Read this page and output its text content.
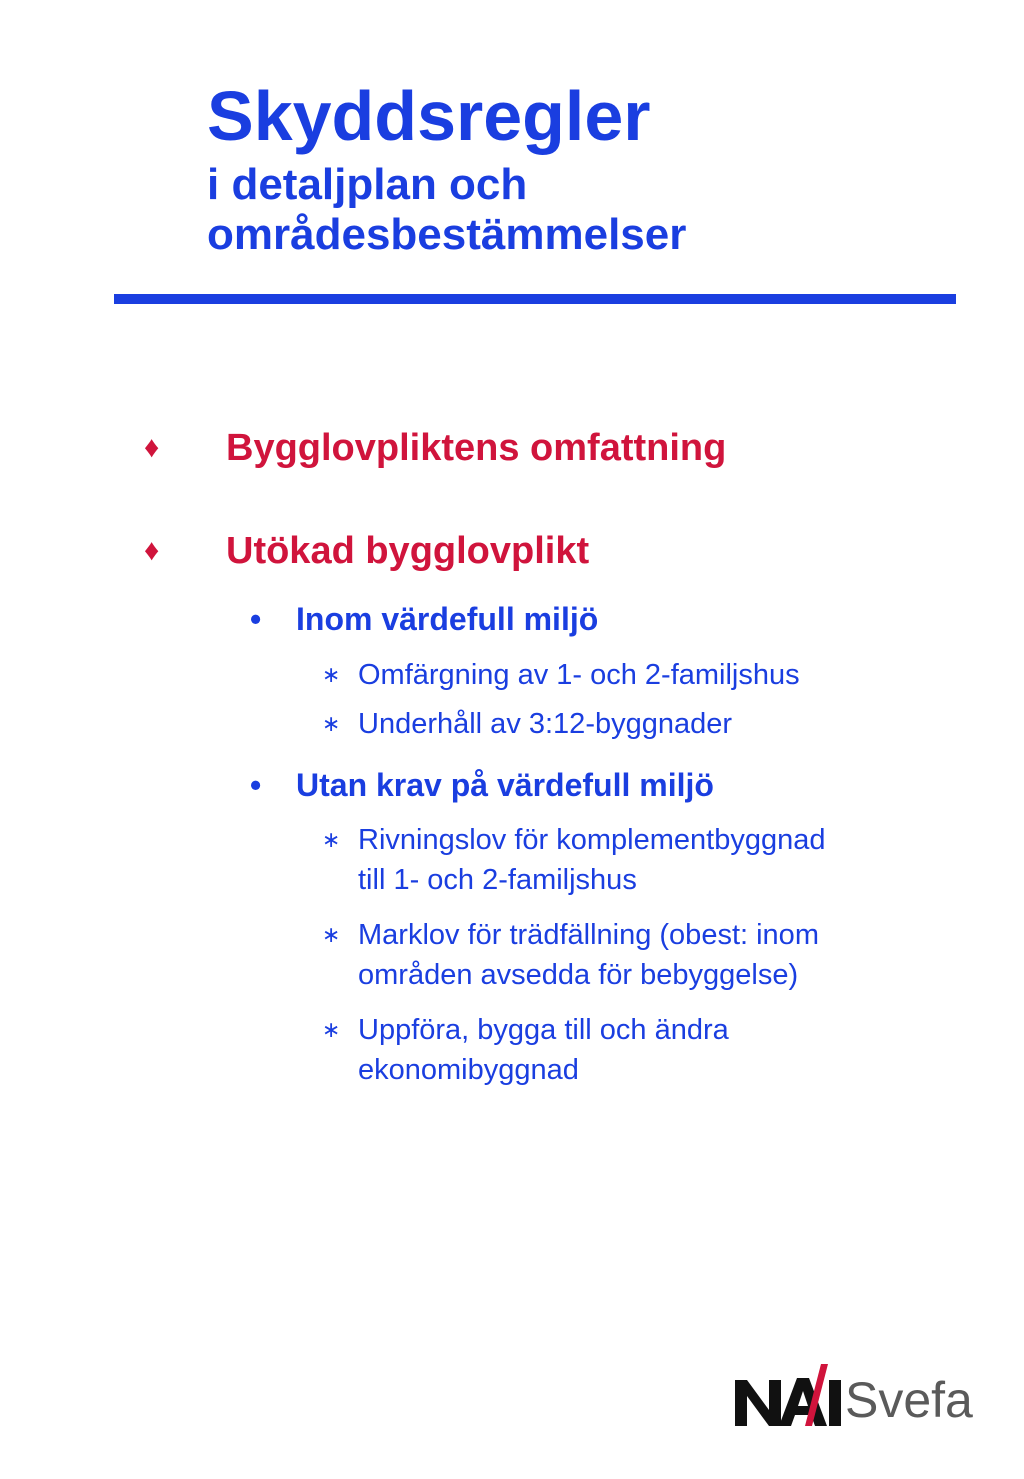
Skyddsregler
i detaljplan och
områdesbestämmelser
♦ Bygglovpliktens omfattning
♦ Utökad bygglovplikt
• Inom värdefull miljö
∗ Omfärgning av 1- och 2-familjshus
∗ Underhåll av 3:12-byggnader
• Utan krav på värdefull miljö
∗ Rivningslov för komplementbyggnad
till 1- och 2-familjshus
∗ Marklov för trädfällning (obest: inom
områden avsedda för bebyggelse)
∗ Uppföra, bygga till och ändra
ekonomibyggnad
Svefa
